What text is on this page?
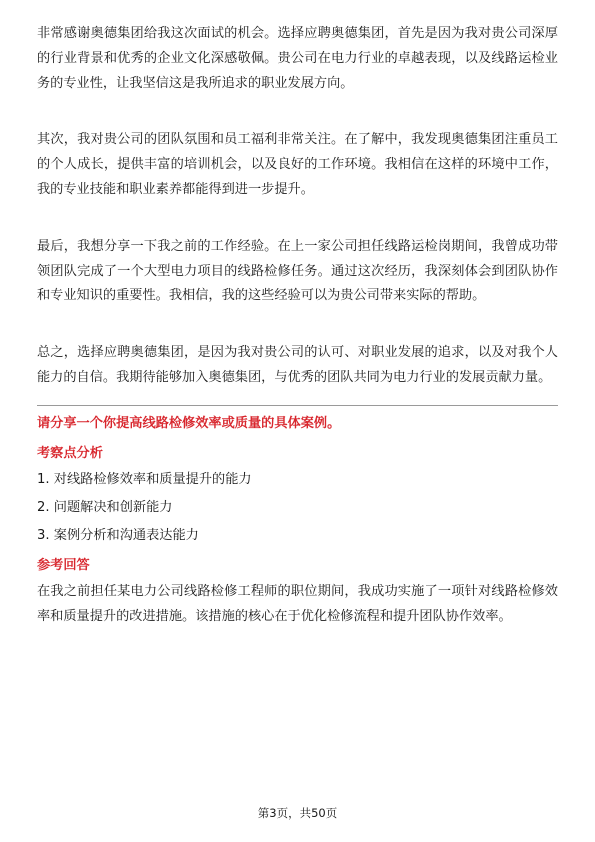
非常感谢奥德集团给我这次面试的机会。选择应聘奥德集团，首先是因为我对贵公司深厚的行业背景和优秀的企业文化深感敬佩。贵公司在电力行业的卓越表现，以及线路运检业务的专业性，让我坚信这是我所追求的职业发展方向。

其次，我对贵公司的团队氛围和员工福利非常关注。在了解中，我发现奥德集团注重员工的个人成长，提供丰富的培训机会，以及良好的工作环境。我相信在这样的环境中工作，我的专业技能和职业素养都能得到进一步提升。

最后，我想分享一下我之前的工作经验。在上一家公司担任线路运检岗期间，我曾成功带领团队完成了一个大型电力项目的线路检修任务。通过这次经历，我深刻体会到团队协作和专业知识的重要性。我相信，我的这些经验可以为贵公司带来实际的帮助。

总之，选择应聘奥德集团，是因为我对贵公司的认可、对职业发展的追求，以及对我个人能力的自信。我期待能够加入奥德集团，与优秀的团队共同为电力行业的发展贡献力量。

请分享一个你提高线路检修效率或质量的具体案例。

考察点分析

1. 对线路检修效率和质量提升的能力

2. 问题解决和创新能力

3. 案例分析和沟通表达能力

参考回答

在我之前担任某电力公司线路检修工程师的职位期间，我成功实施了一项针对线路检修效率和质量提升的改进措施。该措施的核心在于优化检修流程和提升团队协作效率。

第3页，共50页
